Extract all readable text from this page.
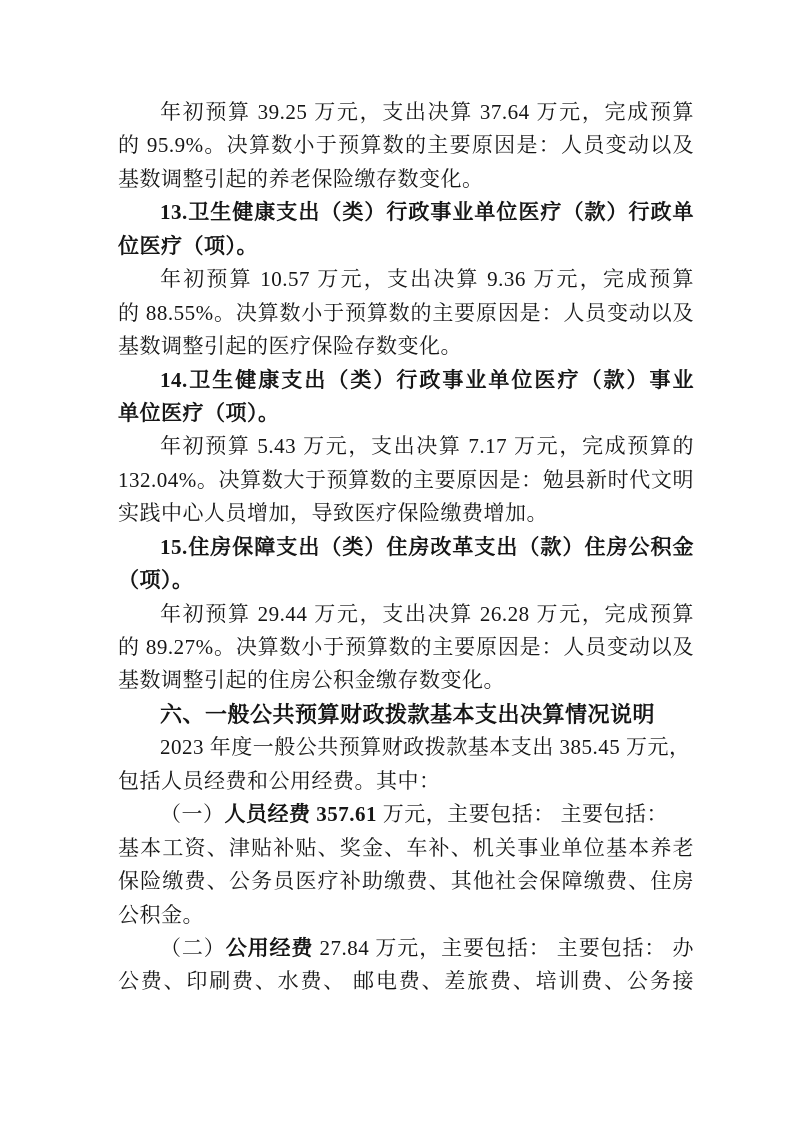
年初预算 39.25 万元，支出决算 37.64 万元，完成预算
的 95.9%。决算数小于预算数的主要原因是：人员变动以及
基数调整引起的养老保险缴存数变化。
13.卫生健康支出（类）行政事业单位医疗（款）行政单
位医疗（项）。
年初预算 10.57 万元，支出决算 9.36 万元，完成预算
的 88.55%。决算数小于预算数的主要原因是：人员变动以及
基数调整引起的医疗保险存数变化。
14.卫生健康支出（类）行政事业单位医疗（款）事业
单位医疗（项）。
年初预算 5.43 万元，支出决算 7.17 万元，完成预算的
132.04%。决算数大于预算数的主要原因是：勉县新时代文明
实践中心人员增加，导致医疗保险缴费增加。
15.住房保障支出（类）住房改革支出（款）住房公积金
（项）。
年初预算 29.44 万元，支出决算 26.28 万元，完成预算
的 89.27%。决算数小于预算数的主要原因是：人员变动以及
基数调整引起的住房公积金缴存数变化。
六、一般公共预算财政拨款基本支出决算情况说明
2023 年度一般公共预算财政拨款基本支出 385.45 万元，
包括人员经费和公用经费。其中：
（一）人员经费 357.61 万元，主要包括： 主要包括：
基本工资、津贴补贴、奖金、车补、机关事业单位基本养老
保险缴费、公务员医疗补助缴费、其他社会保障缴费、住房
公积金。
（二）公用经费 27.84 万元，主要包括： 主要包括： 办
公费、印刷费、水费、 邮电费、差旅费、培训费、公务接
